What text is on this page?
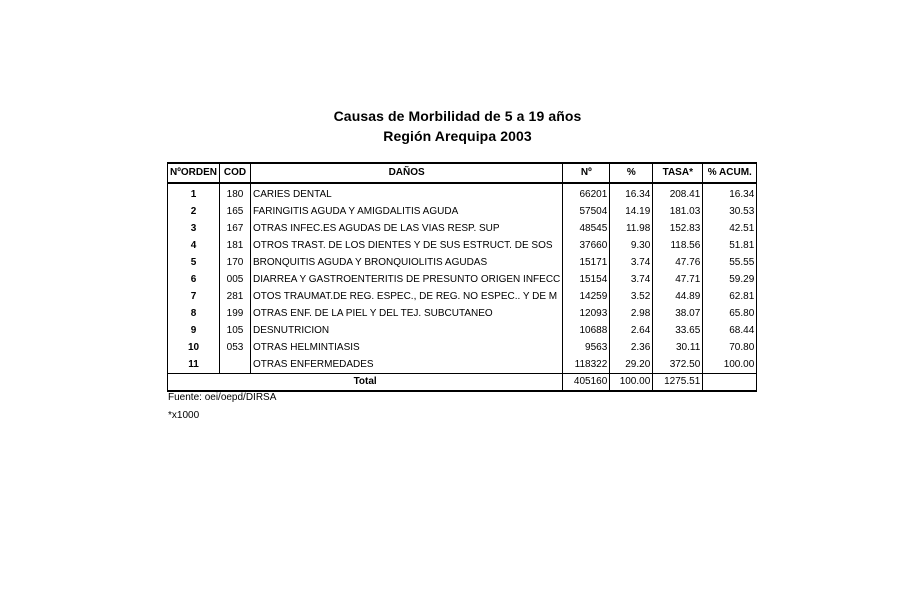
Causas de Morbilidad de 5 a 19 años
Región Arequipa 2003
NºORDEN	COD	DAÑOS	Nº	%	TASA*	% ACUM.
1	180	CARIES DENTAL	66201	16.34	208.41	16.34
2	165	FARINGITIS AGUDA Y AMIGDALITIS AGUDA	57504	14.19	181.03	30.53
3	167	OTRAS INFEC.ES AGUDAS DE LAS VIAS RESP. SUP	48545	11.98	152.83	42.51
4	181	OTROS TRAST. DE LOS DIENTES Y DE SUS ESTRUCT. DE SOS	37660	9.30	118.56	51.81
5	170	BRONQUITIS AGUDA Y BRONQUIOLITIS AGUDAS	15171	3.74	47.76	55.55
6	005	DIARREA Y GASTROENTERITIS DE PRESUNTO ORIGEN INFECC	15154	3.74	47.71	59.29
7	281	OTOS TRAUMAT.DE REG. ESPEC., DE REG. NO ESPEC.. Y DE M	14259	3.52	44.89	62.81
8	199	OTRAS ENF. DE LA PIEL Y DEL TEJ. SUBCUTANEO	12093	2.98	38.07	65.80
9	105	DESNUTRICION	10688	2.64	33.65	68.44
10	053	OTRAS HELMINTIASIS	9563	2.36	30.11	70.80
11		OTRAS ENFERMEDADES	118322	29.20	372.50	100.00
Total			405160	100.00	1275.51	
Fuente: oei/oepd/DIRSA
*x1000
